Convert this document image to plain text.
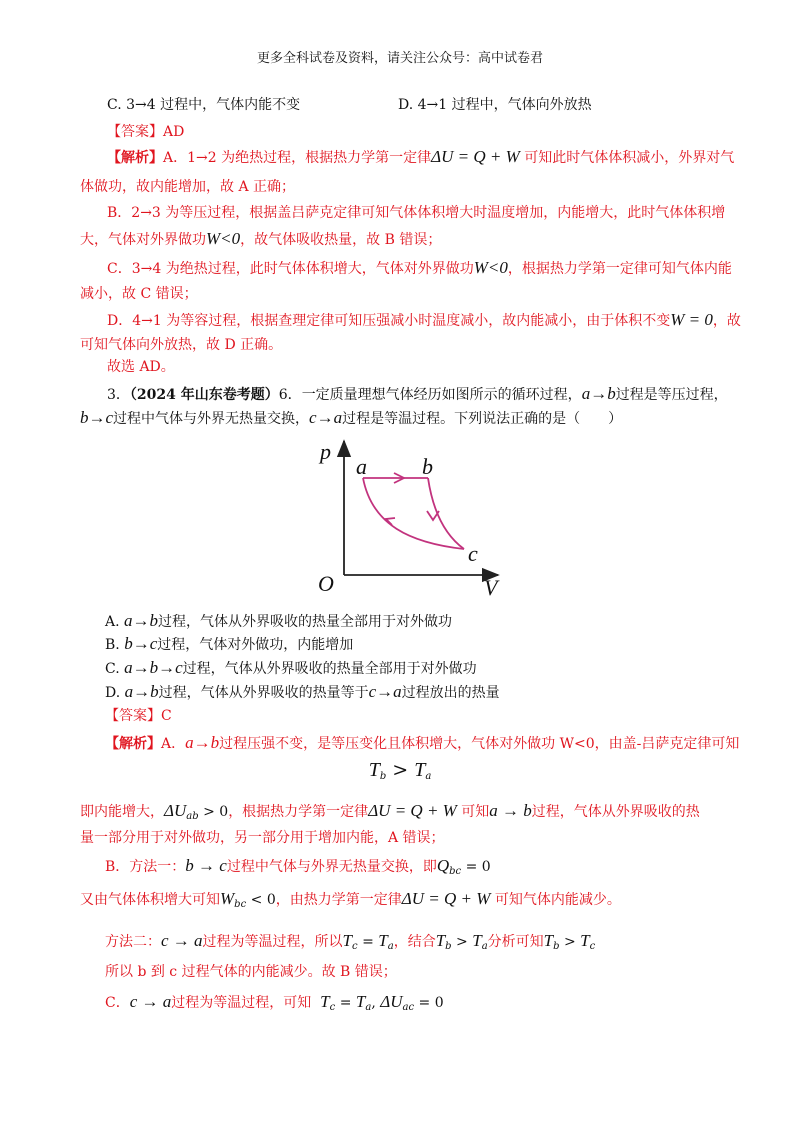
更多全科试卷及资料，请关注公众号：高中试卷君
C. 3→4 过程中，气体内能不变	D. 4→1 过程中，气体向外放热
【答案】AD
【解析】A．1→2 为绝热过程，根据热力学第一定律ΔU = Q + W 可知此时气体体积减小，外界对气
体做功，故内能增加，故 A 正确；
B．2→3 为等压过程，根据盖吕萨克定律可知气体体积增大时温度增加，内能增大，此时气体体积增
大，气体对外界做功W<0，故气体吸收热量，故 B 错误；
C．3→4 为绝热过程，此时气体体积增大，气体对外界做功W<0，根据热力学第一定律可知气体内能
减小，故 C 错误；
D．4→1 为等容过程，根据查理定律可知压强减小时温度减小，故内能减小，由于体积不变W = 0，故
可知气体向外放热，故 D 正确。
故选 AD。
3．（2024 年山东卷考题）6．一定质量理想气体经历如图所示的循环过程，a→b过程是等压过程，
b→c过程中气体与外界无热量交换，c→a过程是等温过程。下列说法正确的是（　　）
p
V
O
a	b
c
A. a→b过程，气体从外界吸收的热量全部用于对外做功
B. b→c过程，气体对外做功，内能增加
C. a→b→c过程，气体从外界吸收的热量全部用于对外做功
D. a→b过程，气体从外界吸收的热量等于c→a过程放出的热量
【答案】C
【解析】A．a→b过程压强不变，是等压变化且体积增大，气体对外做功 W<0，由盖-吕萨克定律可知
$T_b > T_a$
即内能增大，$\Delta U_{ab} > 0$，根据热力学第一定律ΔU = Q + W 可知a → b过程，气体从外界吸收的热
量一部分用于对外做功，另一部分用于增加内能，A 错误；
B．方法一：b → c过程中气体与外界无热量交换，即$Q_{bc} = 0$
又由气体体积增大可知$W_{bc} < 0$，由热力学第一定律ΔU = Q + W 可知气体内能减少。
方法二：c → a过程为等温过程，所以$T_c = T_a$，结合$T_b > T_a$分析可知$T_b > T_c$
所以 b 到 c 过程气体的内能减少。故 B 错误；
C．c → a过程为等温过程，可知 $T_c = T_a$, $\Delta U_{ac} = 0$
